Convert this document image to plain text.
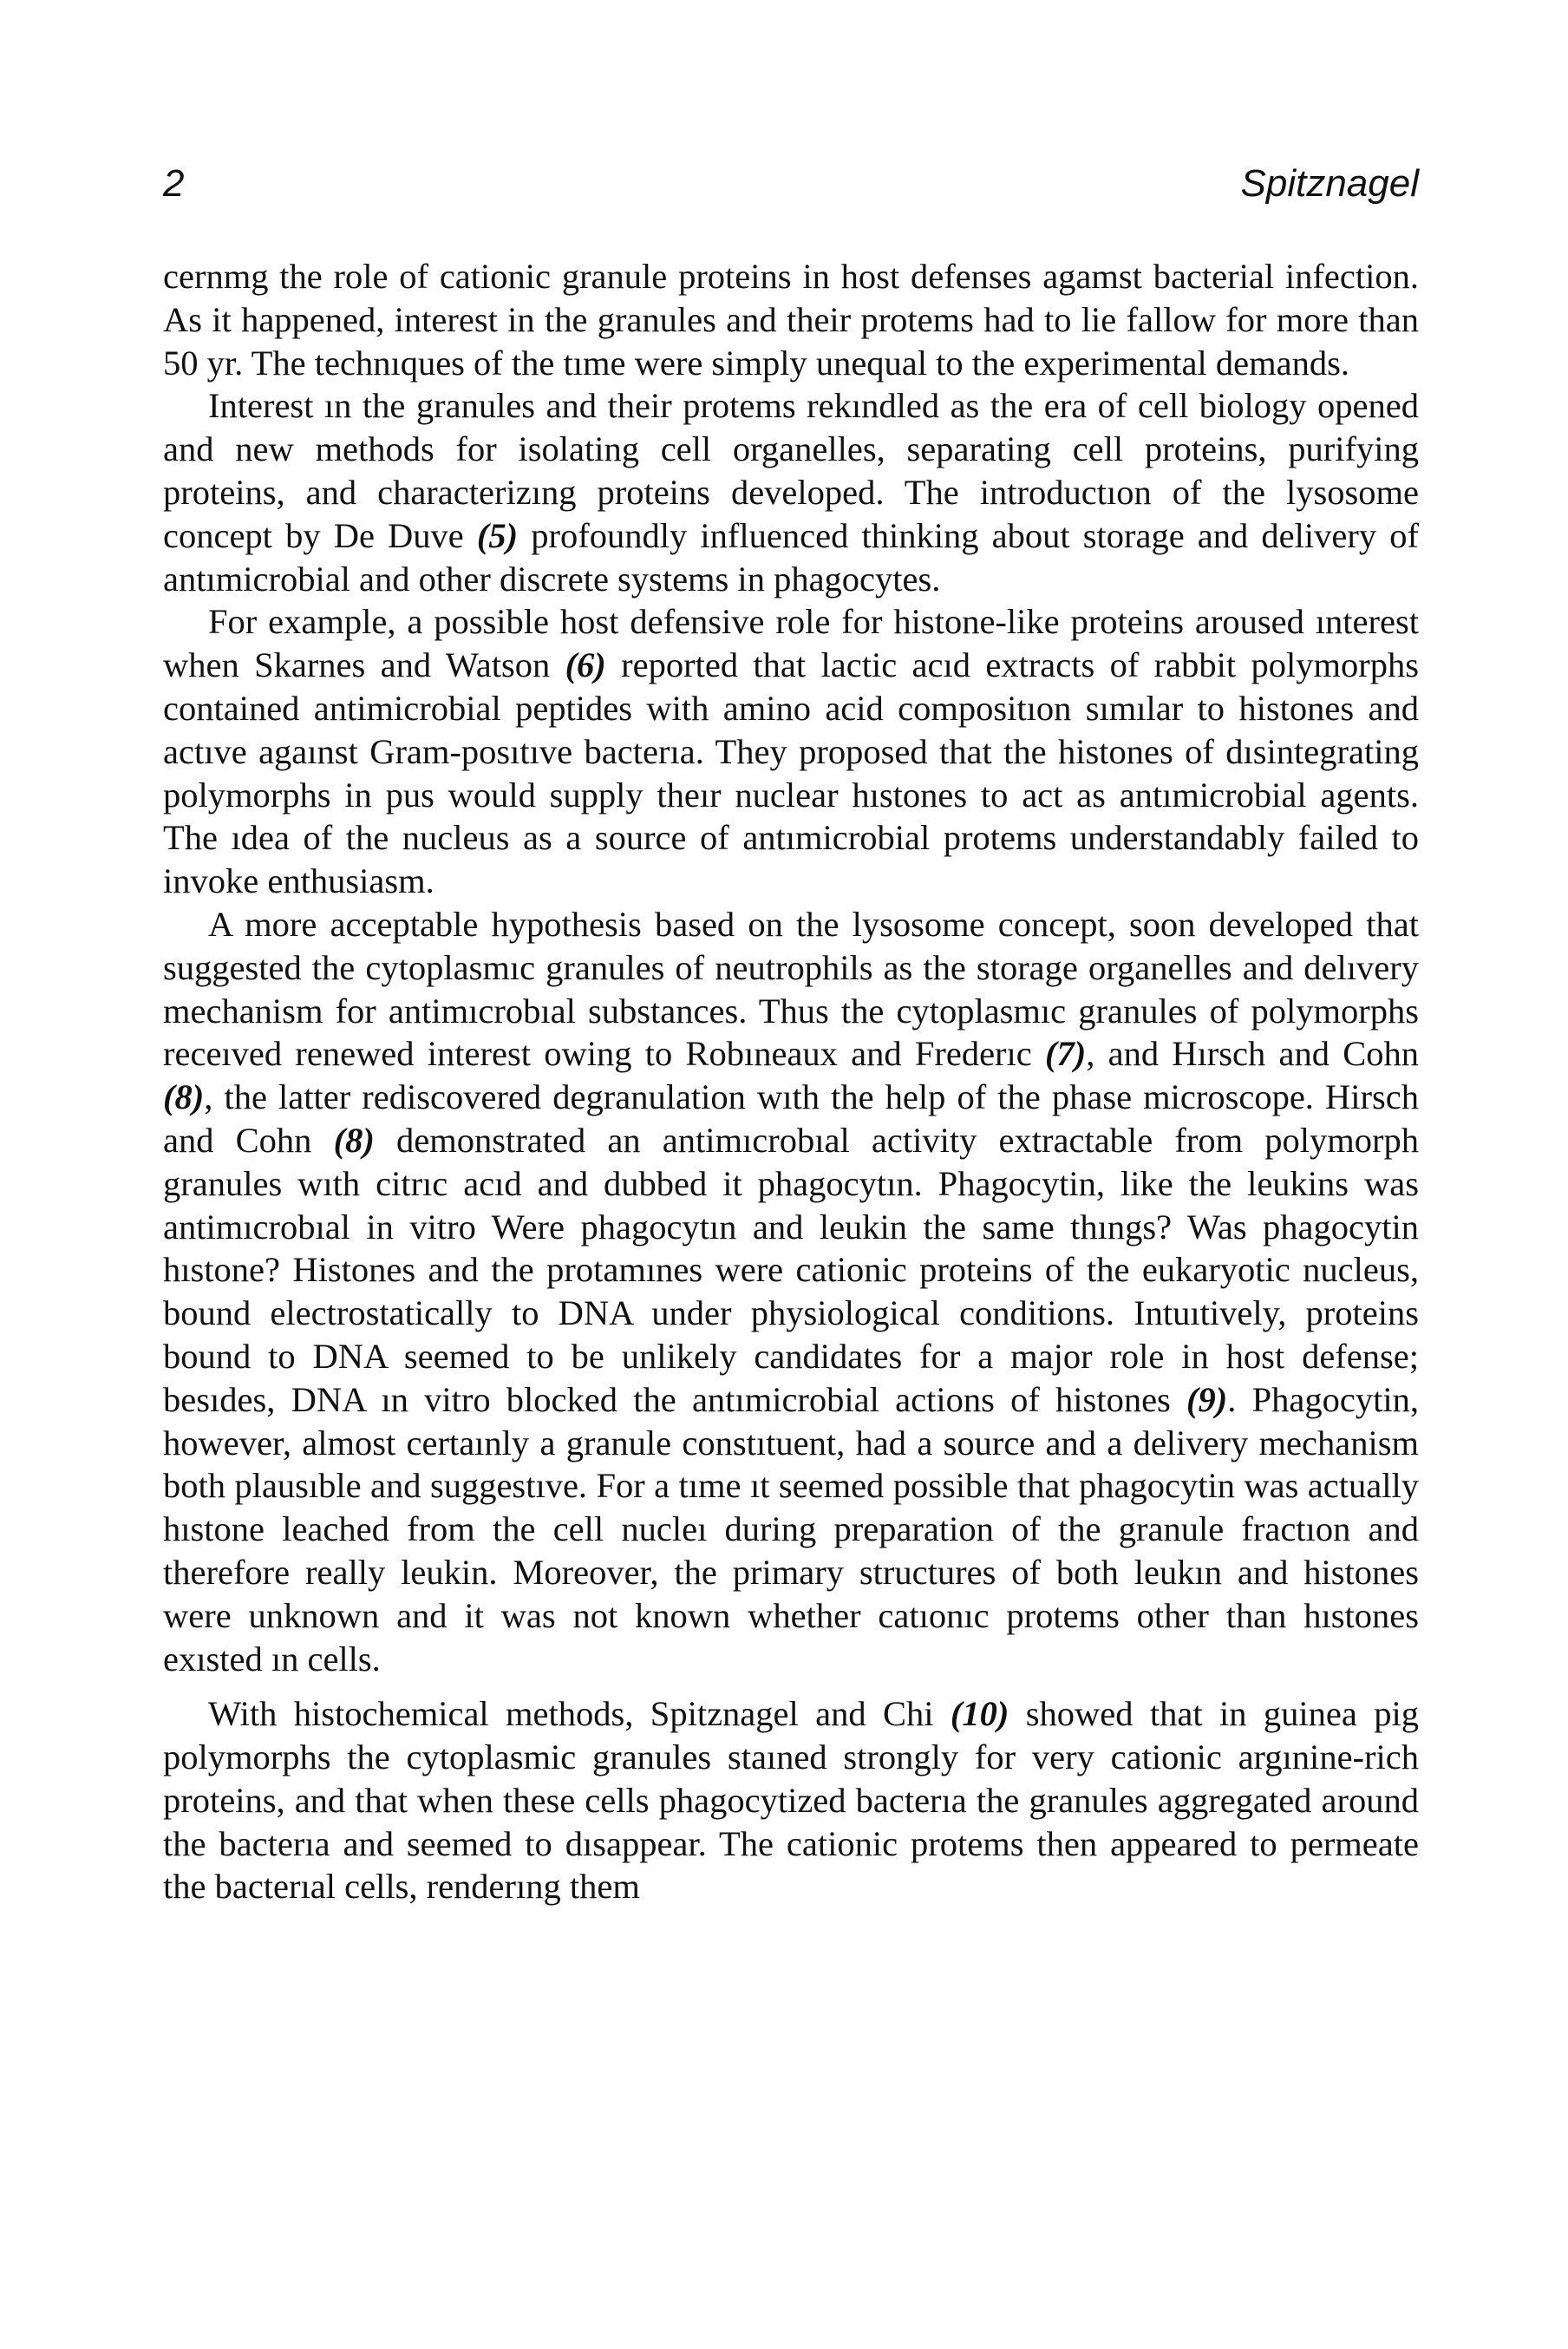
2	Spitznagel

cernmg the role of cationic granule proteins in host defenses agamst bacterial infection. As it happened, interest in the granules and their protems had to lie fallow for more than 50 yr. The technıques of the tıme were simply unequal to the experimental demands.

Interest ın the granules and their protems rekındled as the era of cell biology opened and new methods for isolating cell organelles, separating cell proteins, purifying proteins, and characterizıng proteins developed. The introductıon of the lysosome concept by De Duve (5) profoundly influenced thinking about storage and delivery of antımicrobial and other discrete systems in phagocytes.

For example, a possible host defensive role for histone-like proteins aroused ınterest when Skarnes and Watson (6) reported that lactic acıd extracts of rabbit polymorphs contained antimicrobial peptides with amino acid compositıon sımılar to histones and actıve agaınst Gram-posıtıve bacterıa. They proposed that the histones of dısintegrating polymorphs in pus would supply theır nuclear hıstones to act as antımicrobial agents. The ıdea of the nucleus as a source of antımicrobial protems understandably failed to invoke enthusiasm.

A more acceptable hypothesis based on the lysosome concept, soon developed that suggested the cytoplasmıc granules of neutrophils as the storage organelles and delıvery mechanism for antimıcrobıal substances. Thus the cytoplasmıc granules of polymorphs receıved renewed interest owing to Robıneaux and Frederıc (7), and Hırsch and Cohn (8), the latter rediscovered degranulation wıth the help of the phase microscope. Hirsch and Cohn (8) demonstrated an antimıcrobıal activity extractable from polymorph granules wıth citrıc acıd and dubbed it phagocytın. Phagocytin, like the leukins was antimıcrobıal in vitro Were phagocytın and leukin the same thıngs? Was phagocytin hıstone? Histones and the protamınes were cationic proteins of the eukaryotic nucleus, bound electrostatically to DNA under physiological conditions. Intuıtively, proteins bound to DNA seemed to be unlikely candidates for a major role in host defense; besıdes, DNA ın vitro blocked the antımicrobial actions of histones (9). Phagocytin, however, almost certaınly a granule constıtuent, had a source and a delivery mechanism both plausıble and suggestıve. For a tıme ıt seemed possible that phagocytin was actually hıstone leached from the cell nucleı during preparation of the granule fractıon and therefore really leukin. Moreover, the primary structures of both leukın and histones were unknown and it was not known whether catıonıc protems other than hıstones exısted ın cells.

With histochemical methods, Spitznagel and Chi (10) showed that in guinea pig polymorphs the cytoplasmic granules staıned strongly for very cationic argınine-rich proteins, and that when these cells phagocytized bacterıa the granules aggregated around the bacterıa and seemed to dısappear. The cationic protems then appeared to permeate the bacterıal cells, renderıng them
